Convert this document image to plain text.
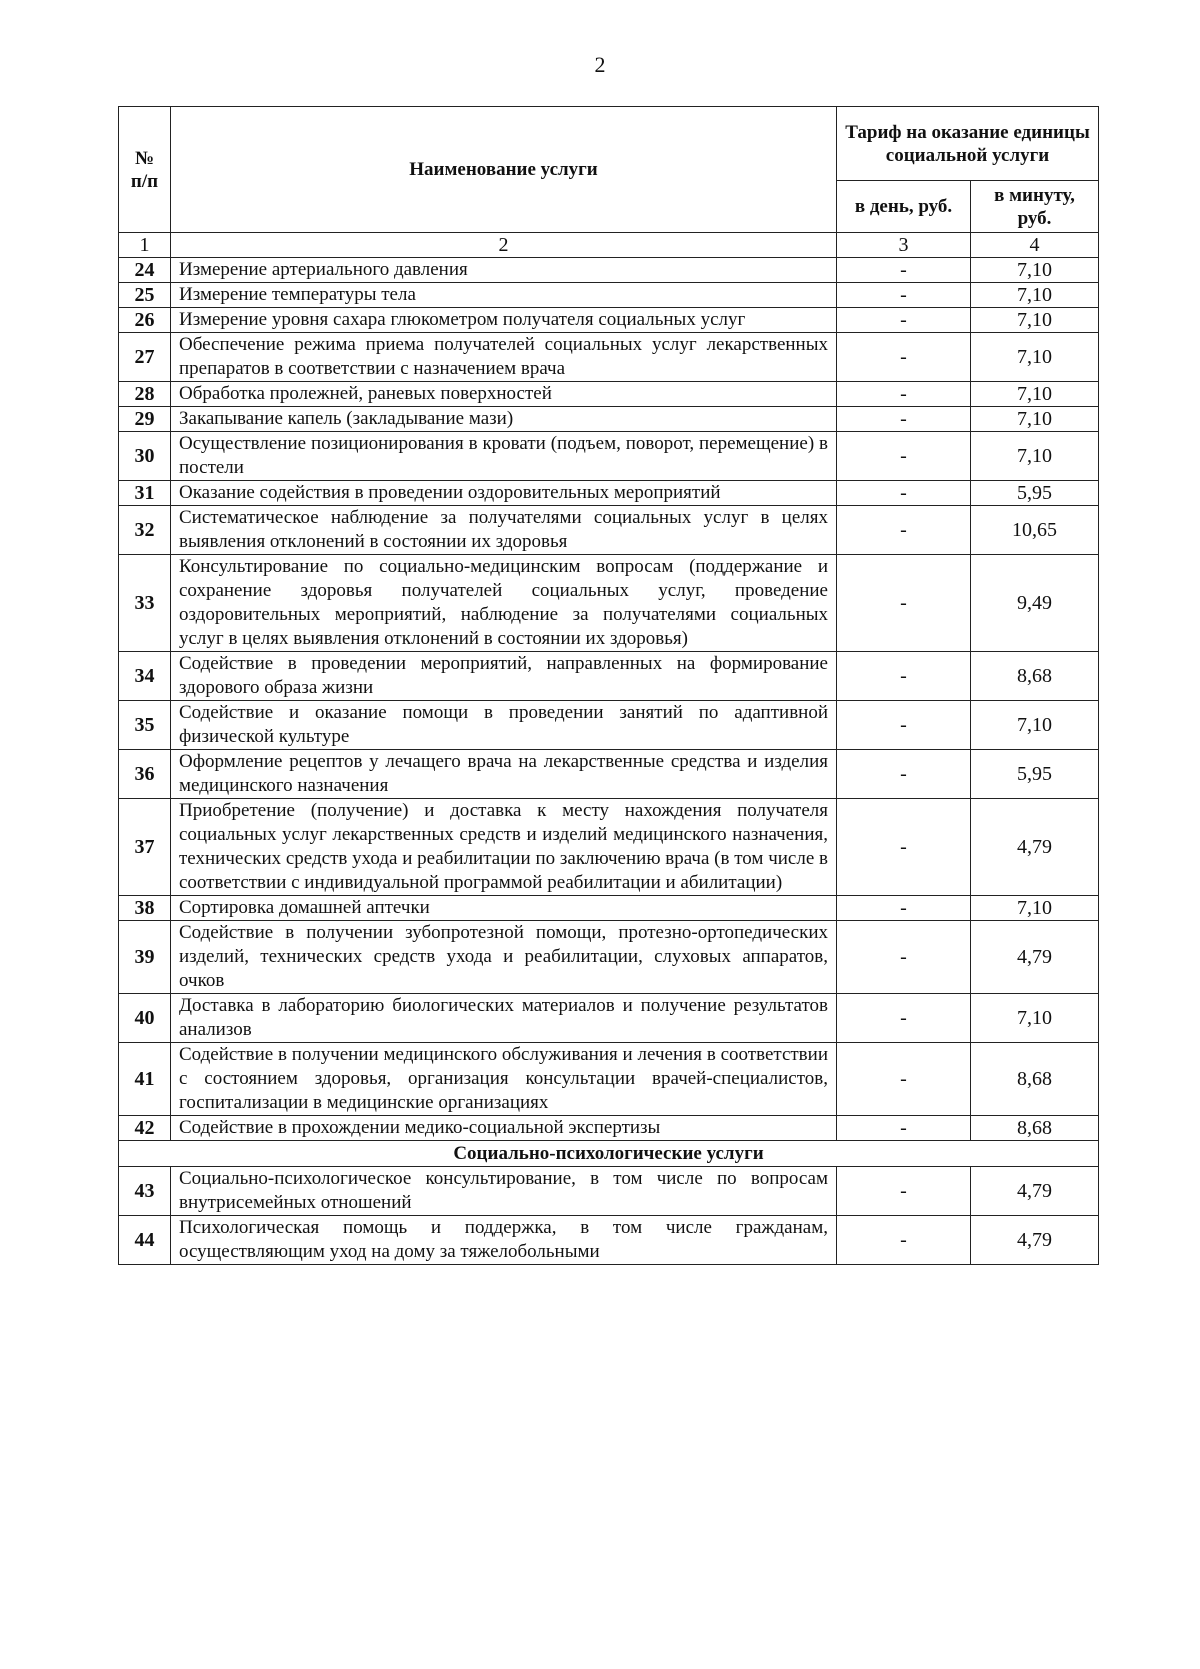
2
№ п/п	Наименование услуги	Тариф на оказание единицы социальной услуги	
		в день, руб.	в минуту, руб.
1	2	3	4
24	Измерение артериального давления	-	7,10
25	Измерение температуры тела	-	7,10
26	Измерение уровня сахара глюкометром получателя социальных услуг	-	7,10
27	Обеспечение режима приема получателей социальных услуг лекарственных препаратов в соответствии с назначением врача	-	7,10
28	Обработка пролежней, раневых поверхностей	-	7,10
29	Закапывание капель (закладывание мази)	-	7,10
30	Осуществление позиционирования в кровати (подъем, поворот, перемещение) в постели	-	7,10
31	Оказание содействия в проведении оздоровительных мероприятий	-	5,95
32	Систематическое наблюдение за получателями социальных услуг в целях выявления отклонений в состоянии их здоровья	-	10,65
33	Консультирование по социально-медицинским вопросам (поддержание и сохранение здоровья получателей социальных услуг, проведение оздоровительных мероприятий, наблюдение за получателями социальных услуг в целях выявления отклонений в состоянии их здоровья)	-	9,49
34	Содействие в проведении мероприятий, направленных на формирование здорового образа жизни	-	8,68
35	Содействие и оказание помощи в проведении занятий по адаптивной физической культуре	-	7,10
36	Оформление рецептов у лечащего врача на лекарственные средства и изделия медицинского назначения	-	5,95
37	Приобретение (получение) и доставка к месту нахождения получателя социальных услуг лекарственных средств и изделий медицинского назначения, технических средств ухода и реабилитации по заключению врача (в том числе в соответствии с индивидуальной программой реабилитации и абилитации)	-	4,79
38	Сортировка домашней аптечки	-	7,10
39	Содействие в получении зубопротезной помощи, протезно-ортопедических изделий, технических средств ухода и реабилитации, слуховых аппаратов, очков	-	4,79
40	Доставка в лабораторию биологических материалов и получение результатов анализов	-	7,10
41	Содействие в получении медицинского обслуживания и лечения в соответствии с состоянием здоровья, организация консультации врачей-специалистов, госпитализации в медицинские организациях	-	8,68
42	Содействие в прохождении медико-социальной экспертизы	-	8,68
Социально-психологические услуги			
43	Социально-психологическое консультирование, в том числе по вопросам внутрисемейных отношений	-	4,79
44	Психологическая помощь и поддержка, в том числе гражданам, осуществляющим уход на дому за тяжелобольными	-	4,79
